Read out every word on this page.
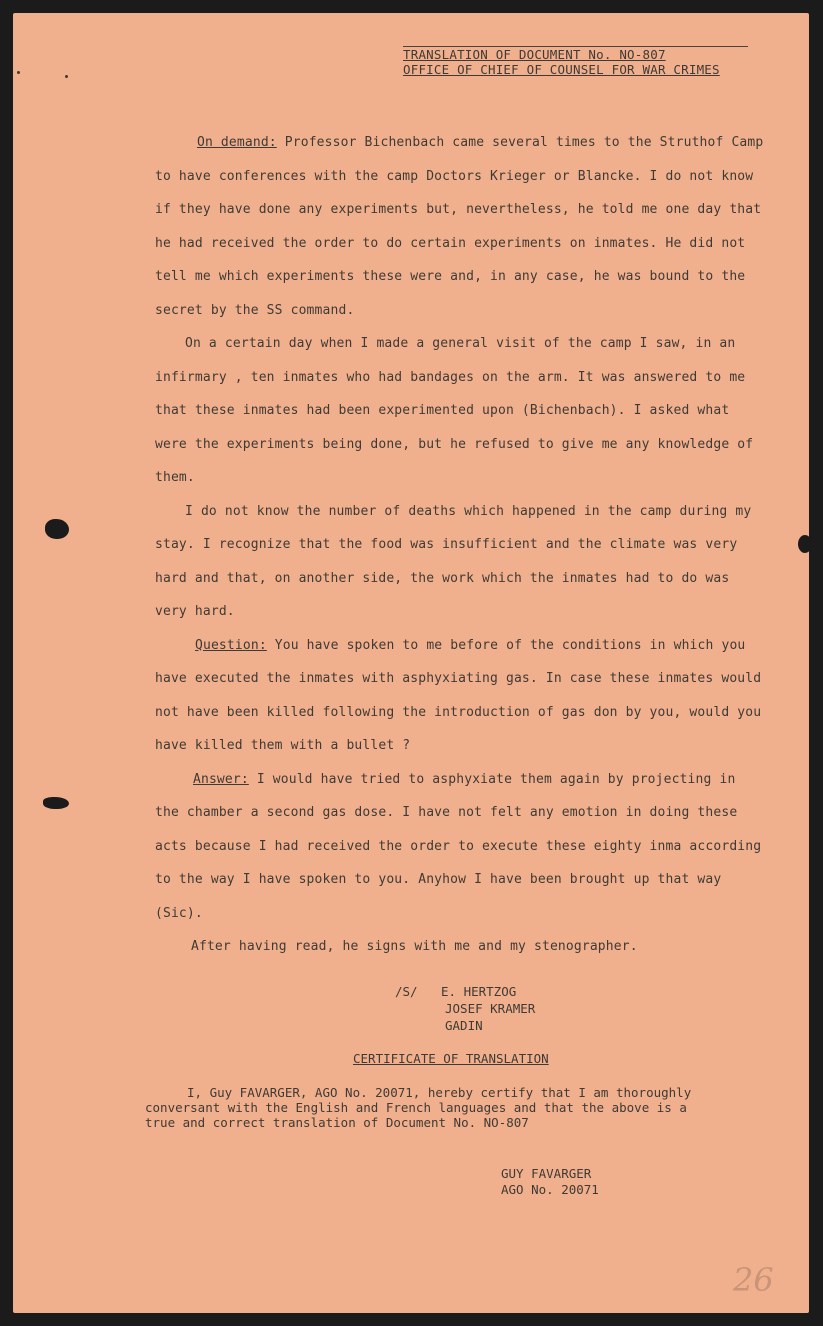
TRANSLATION OF DOCUMENT No. NO-807
OFFICE OF CHIEF OF COUNSEL FOR WAR CRIMES

On demand: Professor Bichenbach came several times to the Struthof Camp to have conferences with the camp Doctors Krieger or Blancke. I do not know if they have done any experiments but, nevertheless, he told me one day that he had received the order to do certain experiments on inmates. He did not tell me which experiments these were and, in any case, he was bound to the secret by the SS command.

On a certain day when I made a general visit of the camp I saw, in an infirmary , ten inmates who had bandages on the arm. It was answered to me that these inmates had been experimented upon (Bichenbach). I asked what were the experiments being done, but he refused to give me any knowledge of them.

I do not know the number of deaths which happened in the camp during my stay. I recognize that the food was insufficient and the climate was very hard and that, on another side, the work which the inmates had to do was very hard.

Question: You have spoken to me before of the conditions in which you have executed the inmates with asphyxiating gas. In case these inmates would not have been killed following the introduction of gas don by you, would you have killed them with a bullet ?

Answer: I would have tried to asphyxiate them again by projecting in the chamber a second gas dose. I have not felt any emotion in doing these acts because I had received the order to execute these eighty inma according to the way I have spoken to you. Anyhow I have been brought up that way (Sic).

After having read, he signs with me and my stenographer.

/S/ E. HERTZOG
JOSEF KRAMER
GADIN
CERTIFICATE OF TRANSLATION

I, Guy FAVARGER, AGO No. 20071, hereby certify that I am thoroughly

conversant with the English and French languages and that the above is a

true and correct translation of Document No. NO-807

GUY FAVARGER
AGO No. 20071
26
